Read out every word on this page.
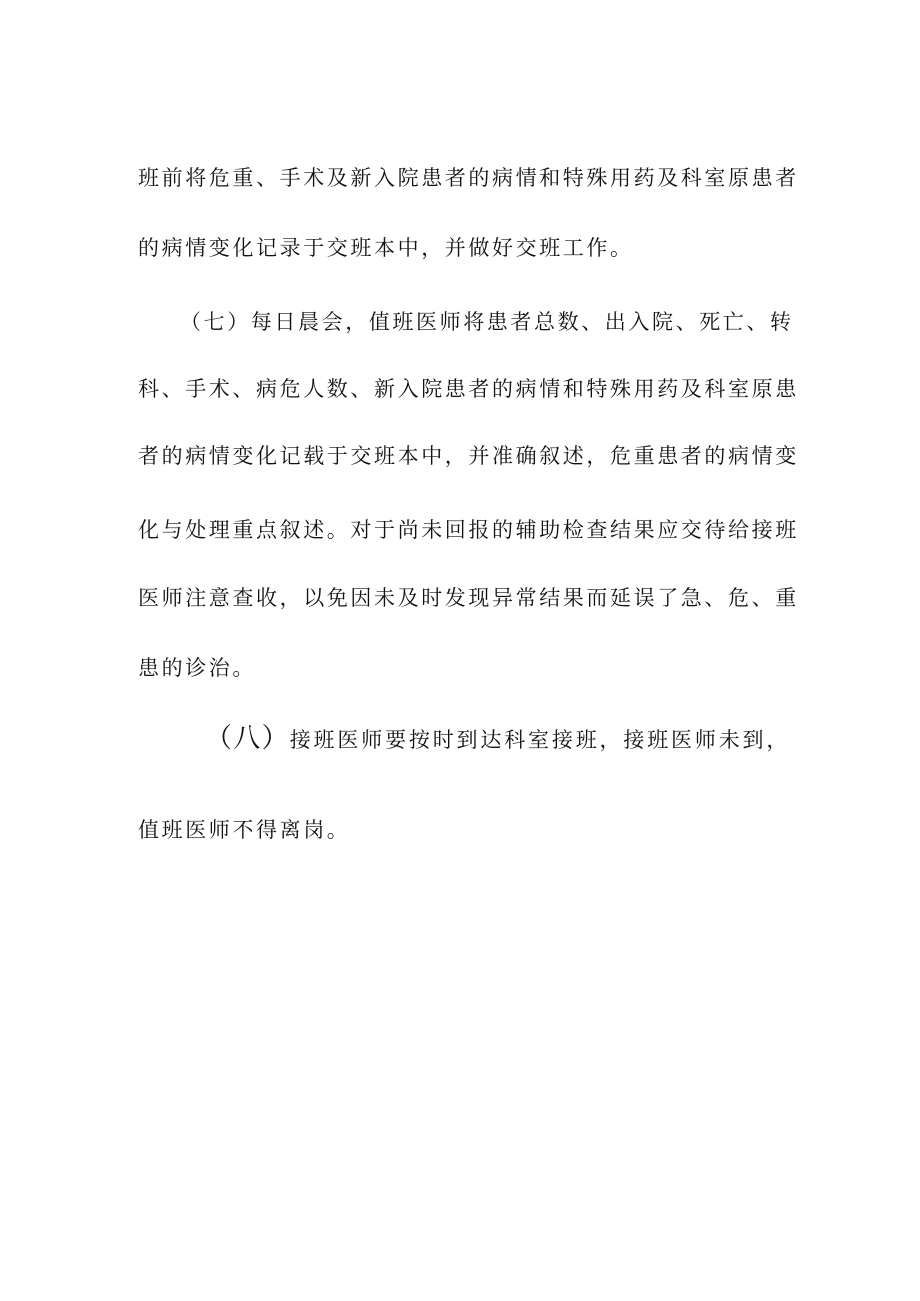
班前将危重、手术及新入院患者的病情和特殊用药及科室原患者
的病情变化记录于交班本中，并做好交班工作。
（七）每日晨会，值班医师将患者总数、出入院、死亡、转
科、手术、病危人数、新入院患者的病情和特殊用药及科室原患
者的病情变化记载于交班本中，并准确叙述，危重患者的病情变
化与处理重点叙述。对于尚未回报的辅助检查结果应交待给接班
医师注意查收，以免因未及时发现异常结果而延误了急、危、重
患的诊治。
（八）接班医师要按时到达科室接班，接班医师未到，
值班医师不得离岗。
